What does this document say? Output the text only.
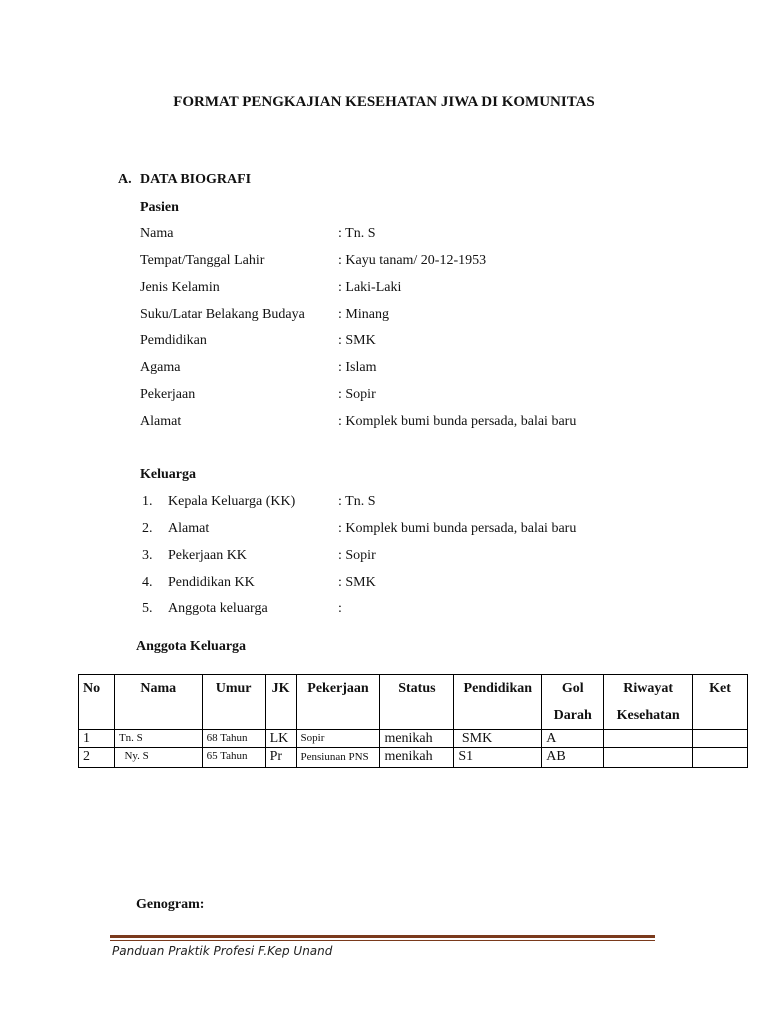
FORMAT PENGKAJIAN KESEHATAN JIWA DI KOMUNITAS
A. DATA BIOGRAFI
Pasien
Nama	: Tn. S
Tempat/Tanggal Lahir	: Kayu tanam/ 20-12-1953
Jenis Kelamin	: Laki-Laki
Suku/Latar Belakang Budaya : Minang
Pemdidikan	: SMK
Agama	: Islam
Pekerjaan	: Sopir
Alamat	: Komplek bumi bunda persada, balai baru
Keluarga
1. Kepala Keluarga (KK)	: Tn. S
2. Alamat	: Komplek bumi bunda persada, balai baru
3. Pekerjaan KK	: Sopir
4. Pendidikan KK	: SMK
5. Anggota keluarga	:
Anggota Keluarga
No	Nama	Umur	JK	Pekerjaan	Status	Pendidikan	Gol Darah	Riwayat Kesehatan	Ket
1	Tn. S	68 Tahun	LK	Sopir	menikah	SMK	A		
2	Ny. S	65 Tahun	Pr	Pensiunan PNS	menikah	S1	AB		
Genogram:
Panduan Praktik Profesi F.Kep Unand
